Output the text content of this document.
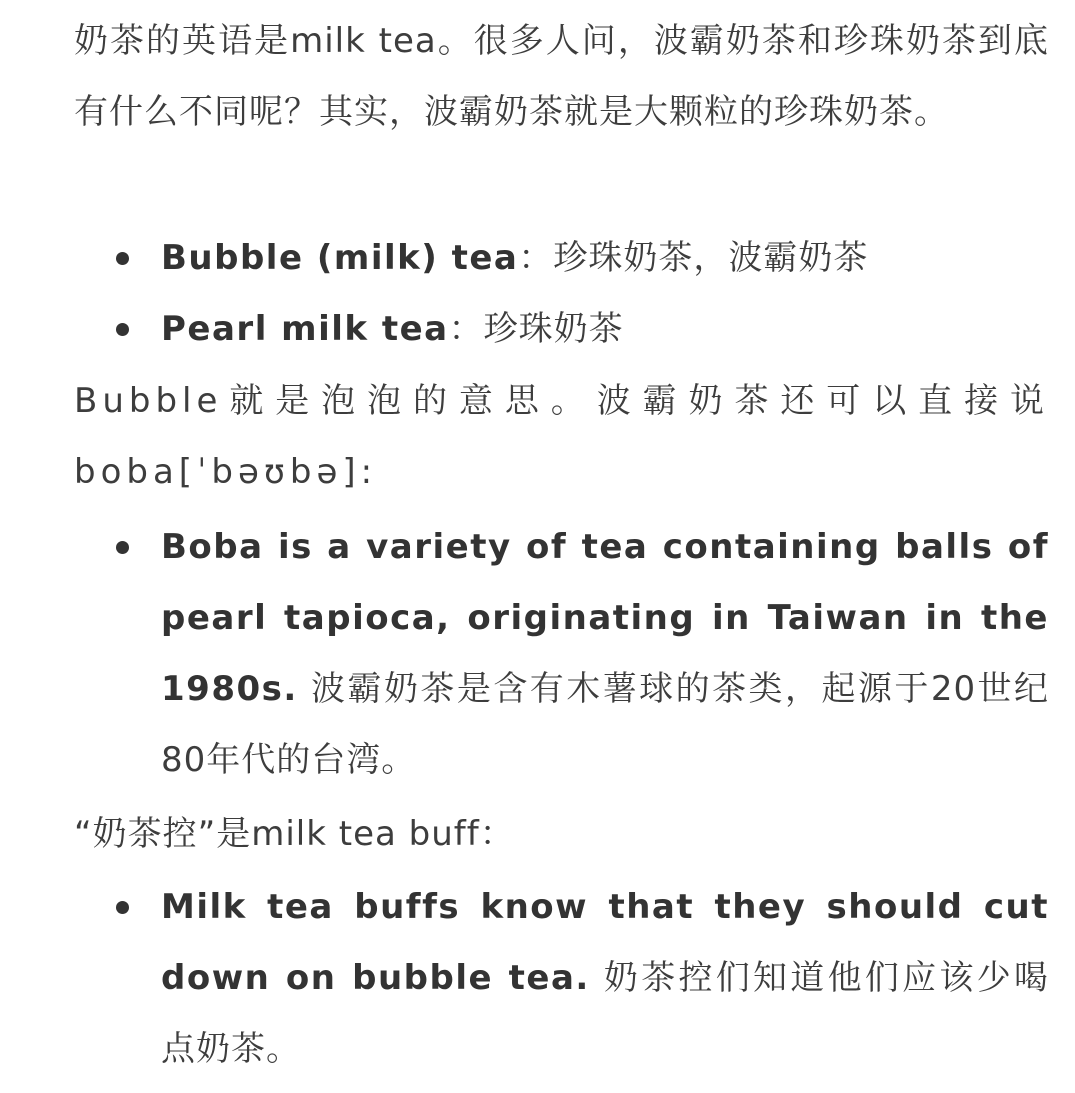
奶茶的英语是milk tea。很多人问，波霸奶茶和珍珠奶茶到底有什么不同呢？其实，波霸奶茶就是大颗粒的珍珠奶茶。

Bubble (milk) tea：珍珠奶茶，波霸奶茶
Pearl milk tea：珍珠奶茶

Bubble就是泡泡的意思。波霸奶茶还可以直接说boba[ˈbəʊbə]:

Boba is a variety of tea containing balls of pearl tapioca, originating in Taiwan in the 1980s. 波霸奶茶是含有木薯球的茶类，起源于20世纪80年代的台湾。

“奶茶控”是milk tea buff：

Milk tea buffs know that they should cut down on bubble tea. 奶茶控们知道他们应该少喝点奶茶。
